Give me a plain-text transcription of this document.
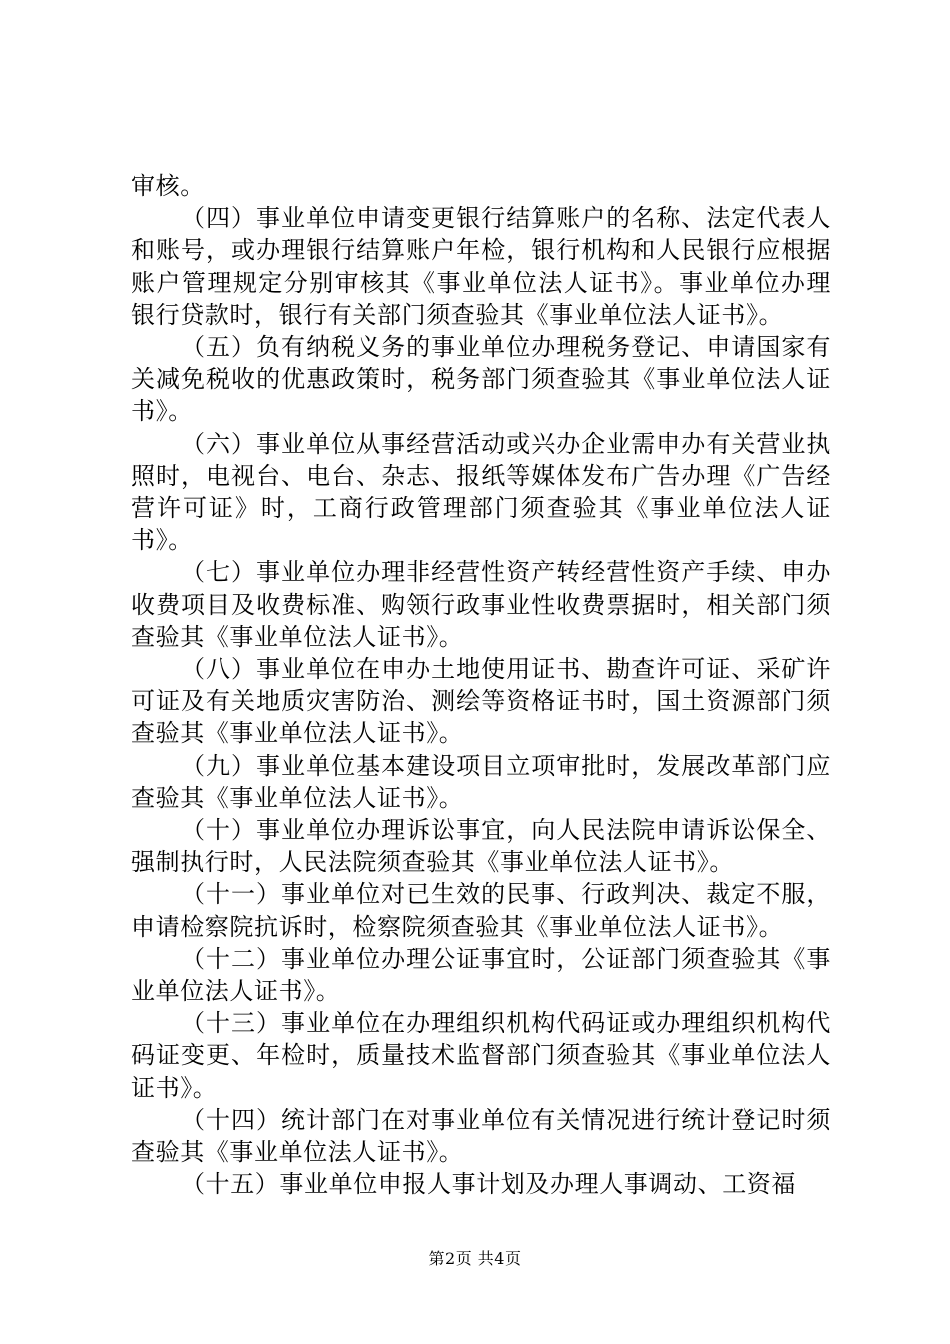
审核。

（四）事业单位申请变更银行结算账户的名称、法定代表人和账号，或办理银行结算账户年检，银行机构和人民银行应根据账户管理规定分别审核其《事业单位法人证书》。事业单位办理银行贷款时，银行有关部门须查验其《事业单位法人证书》。

（五）负有纳税义务的事业单位办理税务登记、申请国家有关减免税收的优惠政策时，税务部门须查验其《事业单位法人证书》。

（六）事业单位从事经营活动或兴办企业需申办有关营业执照时，电视台、电台、杂志、报纸等媒体发布广告办理《广告经营许可证》时，工商行政管理部门须查验其《事业单位法人证书》。

（七）事业单位办理非经营性资产转经营性资产手续、申办收费项目及收费标准、购领行政事业性收费票据时，相关部门须查验其《事业单位法人证书》。

（八）事业单位在申办土地使用证书、勘查许可证、采矿许可证及有关地质灾害防治、测绘等资格证书时，国土资源部门须查验其《事业单位法人证书》。

（九）事业单位基本建设项目立项审批时，发展改革部门应查验其《事业单位法人证书》。

（十）事业单位办理诉讼事宜，向人民法院申请诉讼保全、强制执行时，人民法院须查验其《事业单位法人证书》。

（十一）事业单位对已生效的民事、行政判决、裁定不服，申请检察院抗诉时，检察院须查验其《事业单位法人证书》。

（十二）事业单位办理公证事宜时，公证部门须查验其《事业单位法人证书》。

（十三）事业单位在办理组织机构代码证或办理组织机构代码证变更、年检时，质量技术监督部门须查验其《事业单位法人证书》。

（十四）统计部门在对事业单位有关情况进行统计登记时须查验其《事业单位法人证书》。

（十五）事业单位申报人事计划及办理人事调动、工资福

第2页 共4页
